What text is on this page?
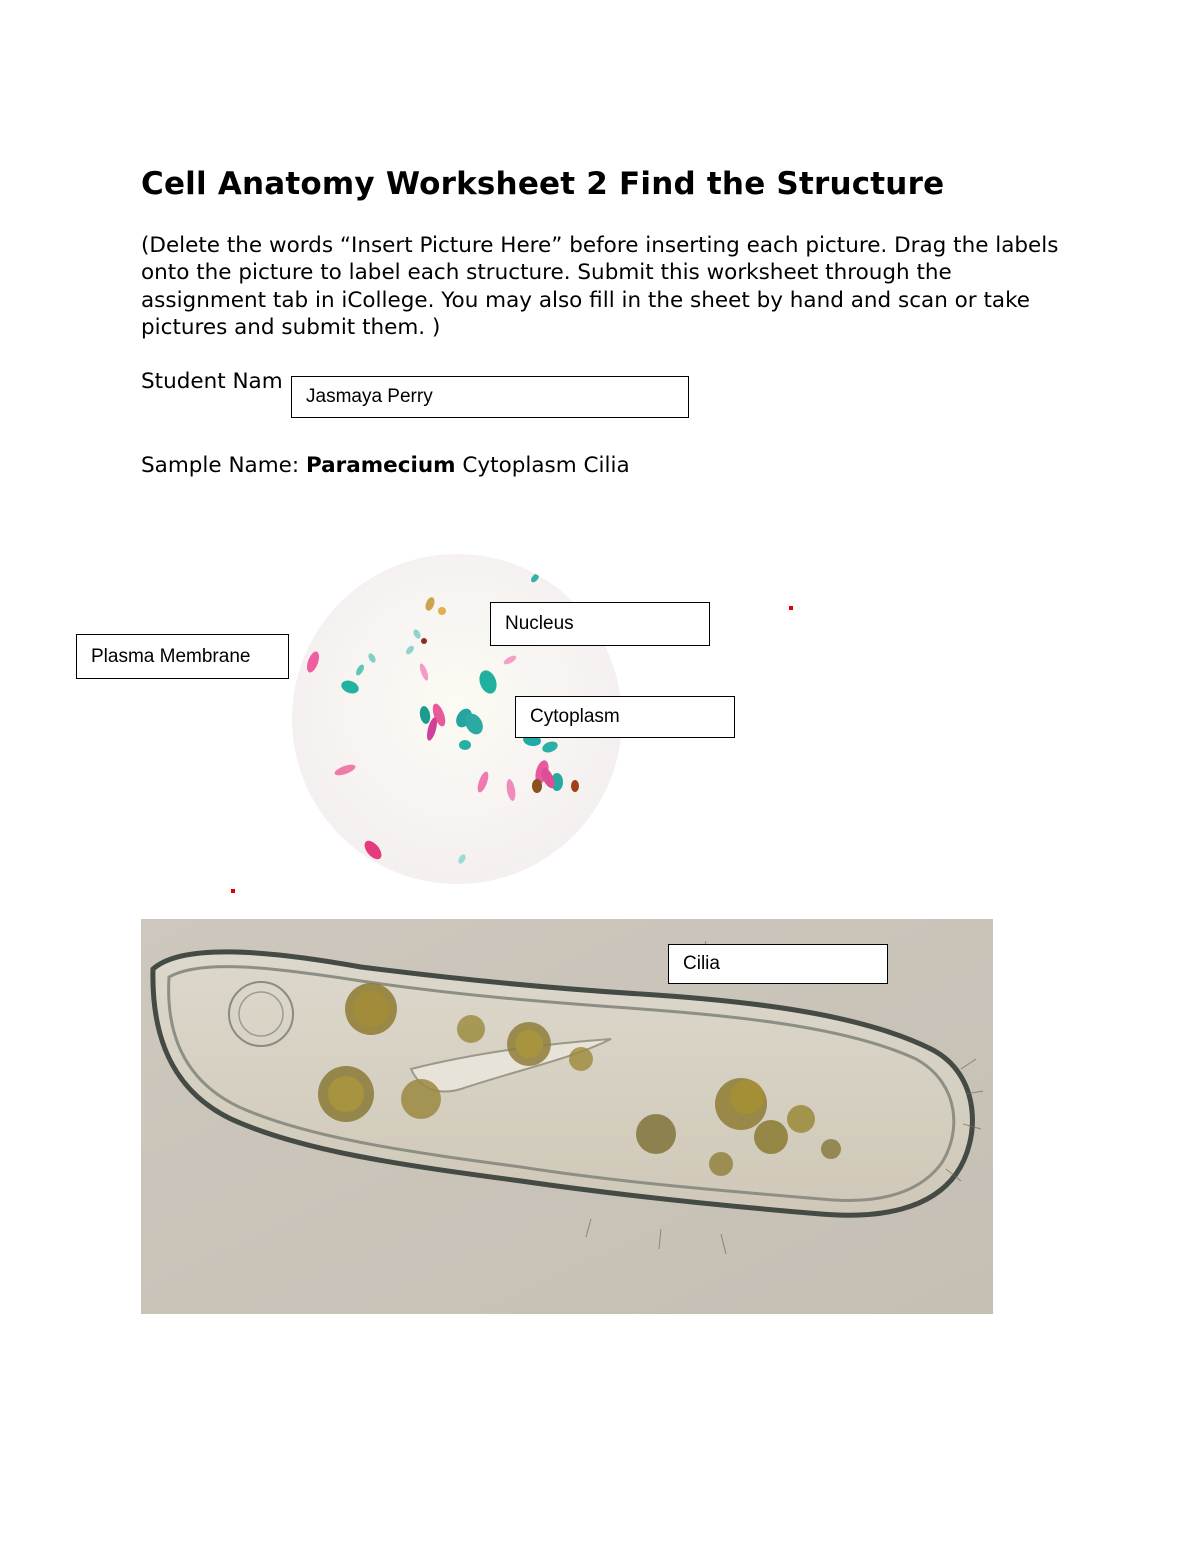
Cell Anatomy Worksheet 2 Find the Structure
(Delete the words “Insert Picture Here” before inserting each picture. Drag the labels onto the picture to label each structure. Submit this worksheet through the assignment tab in iCollege. You may also fill in the sheet by hand and scan or take pictures and submit them. )
Student Nam
Jasmaya Perry
Sample Name: Paramecium Cytoplasm Cilia
Plasma Membrane
Nucleus
Cytoplasm
Cilia
